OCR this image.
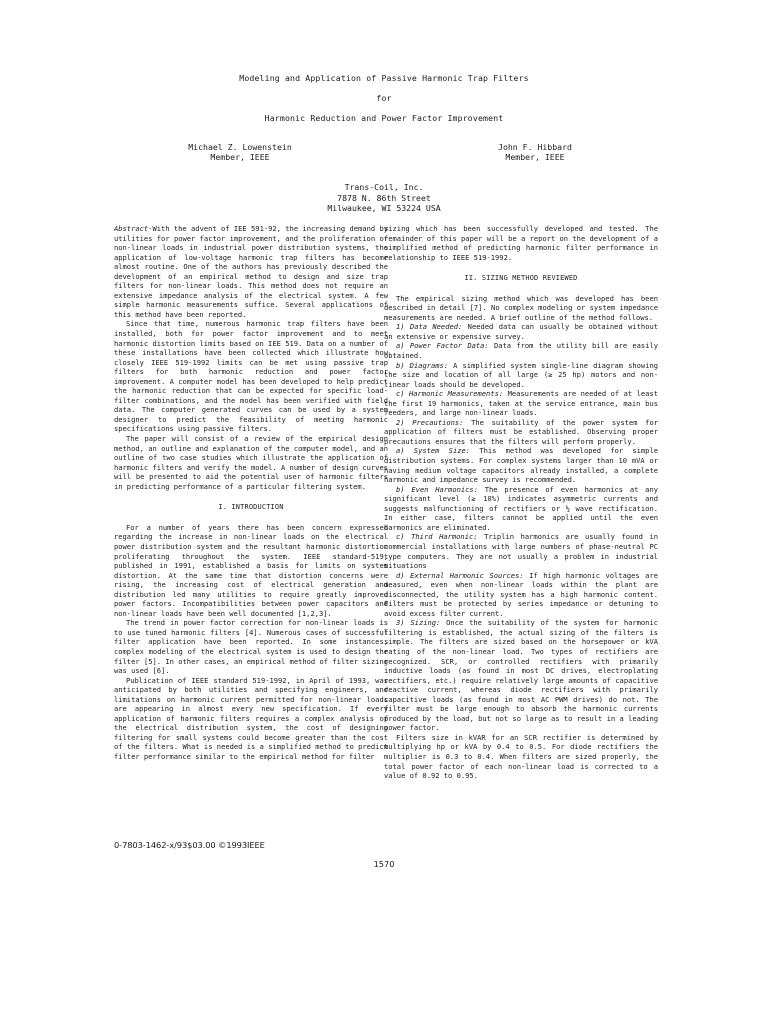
Modeling and Application of Passive Harmonic Trap Filters
for
Harmonic Reduction and Power Factor Improvement
Michael Z. Lowenstein
Member, IEEE
John F. Hibbard
Member, IEEE
Trans-Coil, Inc.
7878 N. 86th Street
Milwaukee, WI 53224 USA

Abstract-With the advent of IEE 591-92, the increasing demand by utilities for power factor improvement, and the proliferation of non-linear loads in industrial power distribution systems, the application of low-voltage harmonic trap filters has become almost routine. One of the authors has previously described the development of an empirical method to design and size trap filters for non-linear loads. This method does not require an extensive impedance analysis of the electrical system. A few simple harmonic measurements suffice. Several applications of this method have been reported.

Since that time, numerous harmonic trap filters have been installed, both for power factor improvement and to meet harmonic distortion limits based on IEE 519. Data on a number of these installations have been collected which illustrate how closely IEEE 519-1992 limits can be met using passive trap filters for both harmonic reduction and power factor improvement. A computer model has been developed to help predict the harmonic reduction that can be expected for specific load-filter combinations, and the model has been verified with field data. The computer generated curves can be used by a system designer to predict the feasibility of meeting harmonic specifications using passive filters.

The paper will consist of a review of the empirical design method, an outline and explanation of the computer model, and an outline of two case studies which illustrate the application of harmonic filters and verify the model. A number of design curves will be presented to aid the potential user of harmonic filters in predicting performance of a particular filtering system.

I. INTRODUCTION

For a number of years there has been concern expressed regarding the increase in non-linear loads on the electrical power distribution system and the resultant harmonic distortion proliferating throughout the system. IEEE standard-519, published in 1991, established a basis for limits on system distortion. At the same time that distortion concerns were rising, the increasing cost of electrical generation and distribution led many utilities to require greatly improved power factors. Incompatibilities between power capacitors and non-linear loads have been well documented [1,2,3].

The trend in power factor correction for non-linear loads is to use tuned harmonic filters [4]. Numerous cases of successful filter application have been reported. In some instances, complex modeling of the electrical system is used to design the filter [5]. In other cases, an empirical method of filter sizing was used [6].

Publication of IEEE standard 519-1992, in April of 1993, was anticipated by both utilities and specifying engineers, and limitations on harmonic current permitted for non-linear loads are appearing in almost every new specification. If every application of harmonic filters requires a complex analysis of the electrical distribution system, the cost of designing filtering for small systems could become greater than the cost of the filters. What is needed is a simplified method to predict filter performance similar to the empirical method for filter

sizing which has been successfully developed and tested. The remainder of this paper will be a report on the development of a simplified method of predicting harmonic filter performance in relationship to IEEE 519-1992.

II. SIZING METHOD REVIEWED

The empirical sizing method which was developed has been described in detail [7]. No complex modeling or system impedance measurements are needed. A brief outline of the method follows.

1) Data Needed: Needed data can usually be obtained without an extensive or expensive survey.

a) Power Factor Data: Data from the utility bill are easily obtained.

b) Diagrams: A simplified system single-line diagram showing the size and location of all large (≥ 25 hp) motors and non-linear loads should be developed.

c) Harmonic Measurements: Measurements are needed of at least the first 19 harmonics, taken at the service entrance, main bus feeders, and large non-linear loads.

2) Precautions: The suitability of the power system for application of filters must be established. Observing proper precautions ensures that the filters will perform properly.

a) System Size: This method was developed for simple distribution systems. For complex systems larger than 10 mVA or having medium voltage capacitors already installed, a complete harmonic and impedance survey is recommended.

b) Even Harmonics: The presence of even harmonics at any significant level (≥ 10%) indicates asymmetric currents and suggests malfunctioning of rectifiers or ½ wave rectification. In either case, filters cannot be applied until the even harmonics are eliminated.

c) Third Harmonic: Triplin harmonics are usually found in commercial installations with large numbers of phase-neutral PC type computers. They are not usually a problem in industrial situations

d) External Harmonic Sources: If high harmonic voltages are measured, even when non-linear loads within the plant are disconnected, the utility system has a high harmonic content. Filters must be protected by series impedance or detuning to avoid excess filter current.

3) Sizing: Once the suitability of the system for harmonic filtering is established, the actual sizing of the filters is simple. The filters are sized based on the horsepower or kVA rating of the non-linear load. Two types of rectifiers are recognized. SCR, or controlled rectifiers with primarily inductive loads (as found in most DC drives, electroplating rectifiers, etc.) require relatively large amounts of capacitive reactive current, whereas diode rectifiers with primarily capacitive loads (as found in most AC PWM drives) do not. The filter must be large enough to absorb the harmonic currents produced by the load, but not so large as to result in a leading power factor.

Filters size in kVAR for an SCR rectifier is determined by multiplying hp or kVA by 0.4 to 0.5. For diode rectifiers the multiplier is 0.3 to 0.4. When filters are sized properly, the total power factor of each non-linear load is corrected to a value of 0.92 to 0.95.

0-7803-1462-x/93$03.00 ©1993IEEE
1570
